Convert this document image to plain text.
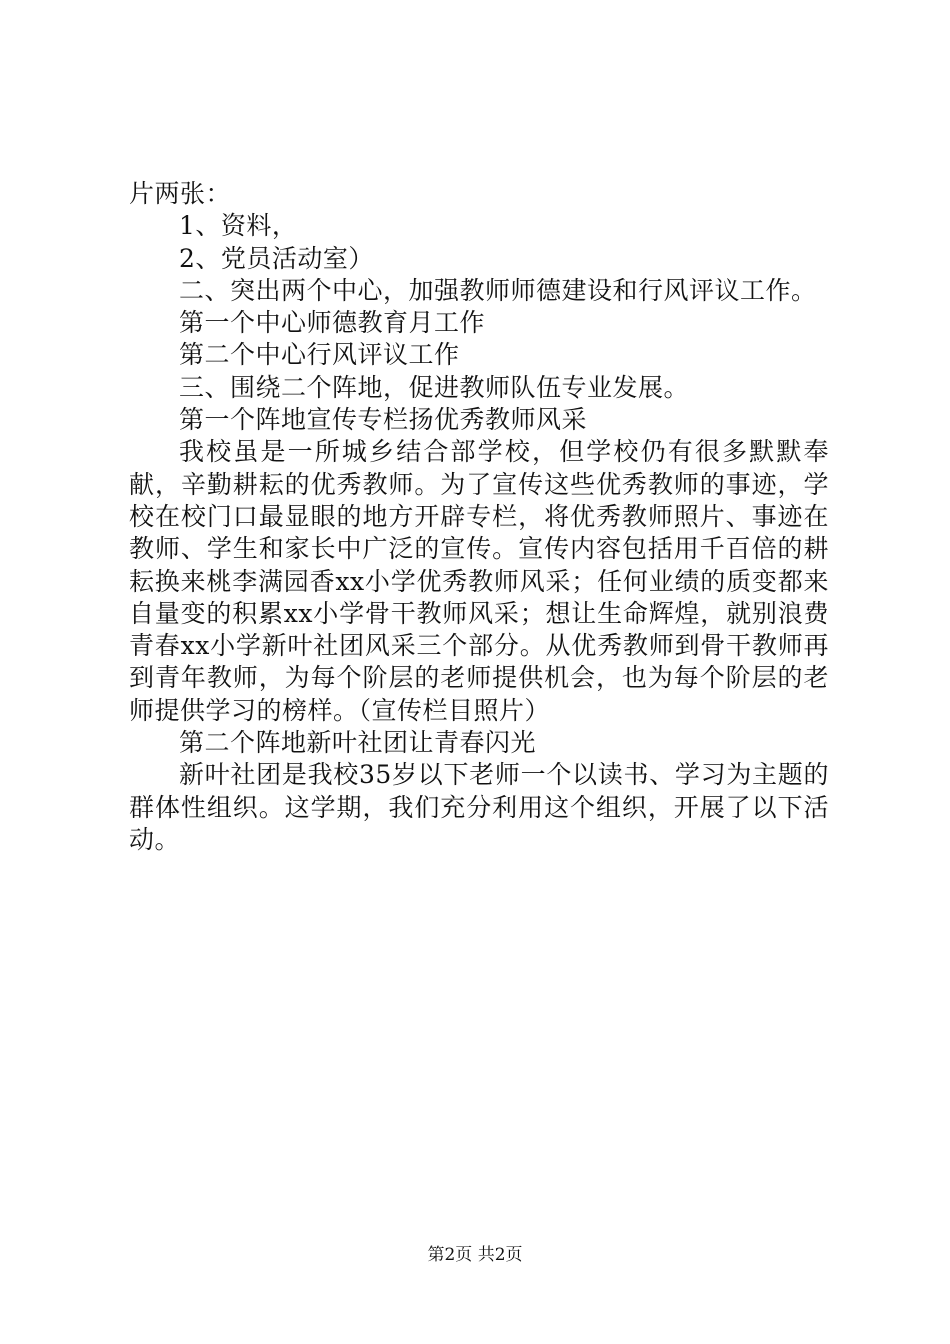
片两张：

1、资料，

2、党员活动室）

二、突出两个中心，加强教师师德建设和行风评议工作。

第一个中心师德教育月工作

第二个中心行风评议工作

三、围绕二个阵地，促进教师队伍专业发展。

第一个阵地宣传专栏扬优秀教师风采

我校虽是一所城乡结合部学校，但学校仍有很多默默奉献，辛勤耕耘的优秀教师。为了宣传这些优秀教师的事迹，学校在校门口最显眼的地方开辟专栏，将优秀教师照片、事迹在教师、学生和家长中广泛的宣传。宣传内容包括用千百倍的耕耘换来桃李满园香xx小学优秀教师风采；任何业绩的质变都来自量变的积累xx小学骨干教师风采；想让生命辉煌，就别浪费青春xx小学新叶社团风采三个部分。从优秀教师到骨干教师再到青年教师，为每个阶层的老师提供机会，也为每个阶层的老师提供学习的榜样。（宣传栏目照片）

第二个阵地新叶社团让青春闪光

新叶社团是我校35岁以下老师一个以读书、学习为主题的群体性组织。这学期，我们充分利用这个组织，开展了以下活动。

第2页 共2页
